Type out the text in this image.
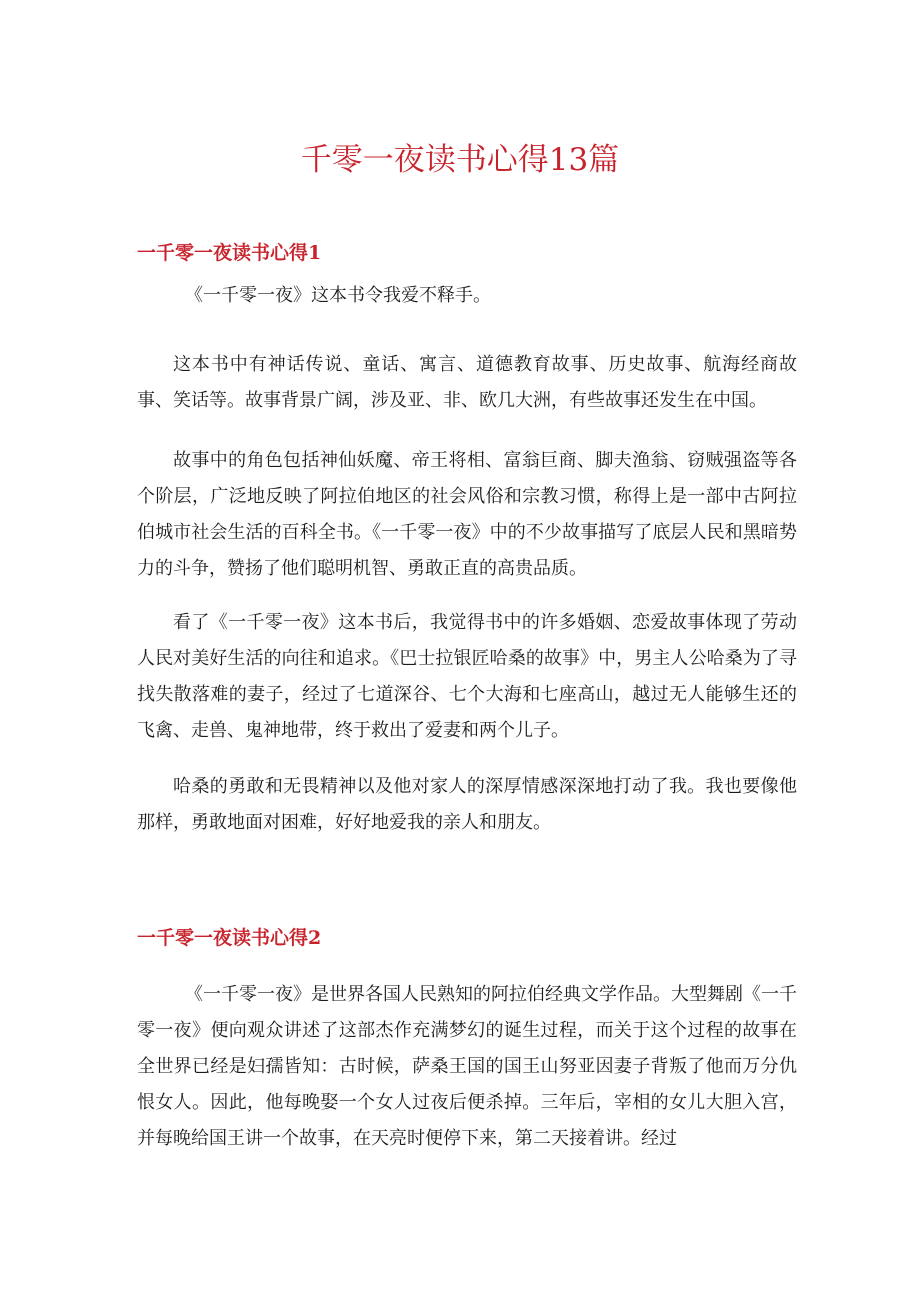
千零一夜读书心得13篇
一千零一夜读书心得1

《一千零一夜》这本书令我爱不释手。

这本书中有神话传说、童话、寓言、道德教育故事、历史故事、航海经商故事、笑话等。故事背景广阔，涉及亚、非、欧几大洲，有些故事还发生在中国。

故事中的角色包括神仙妖魔、帝王将相、富翁巨商、脚夫渔翁、窃贼强盗等各个阶层，广泛地反映了阿拉伯地区的社会风俗和宗教习惯，称得上是一部中古阿拉伯城市社会生活的百科全书。《一千零一夜》中的不少故事描写了底层人民和黑暗势力的斗争，赞扬了他们聪明机智、勇敢正直的高贵品质。

看了《一千零一夜》这本书后，我觉得书中的许多婚姻、恋爱故事体现了劳动人民对美好生活的向往和追求。《巴士拉银匠哈桑的故事》中，男主人公哈桑为了寻找失散落难的妻子，经过了七道深谷、七个大海和七座高山，越过无人能够生还的飞禽、走兽、鬼神地带，终于救出了爱妻和两个儿子。

哈桑的勇敢和无畏精神以及他对家人的深厚情感深深地打动了我。我也要像他那样，勇敢地面对困难，好好地爱我的亲人和朋友。

一千零一夜读书心得2

《一千零一夜》是世界各国人民熟知的阿拉伯经典文学作品。大型舞剧《一千零一夜》便向观众讲述了这部杰作充满梦幻的诞生过程，而关于这个过程的故事在全世界已经是妇孺皆知：古时候，萨桑王国的国王山努亚因妻子背叛了他而万分仇恨女人。因此，他每晚娶一个女人过夜后便杀掉。三年后，宰相的女儿大胆入宫，并每晚给国王讲一个故事，在天亮时便停下来，第二天接着讲。经过
